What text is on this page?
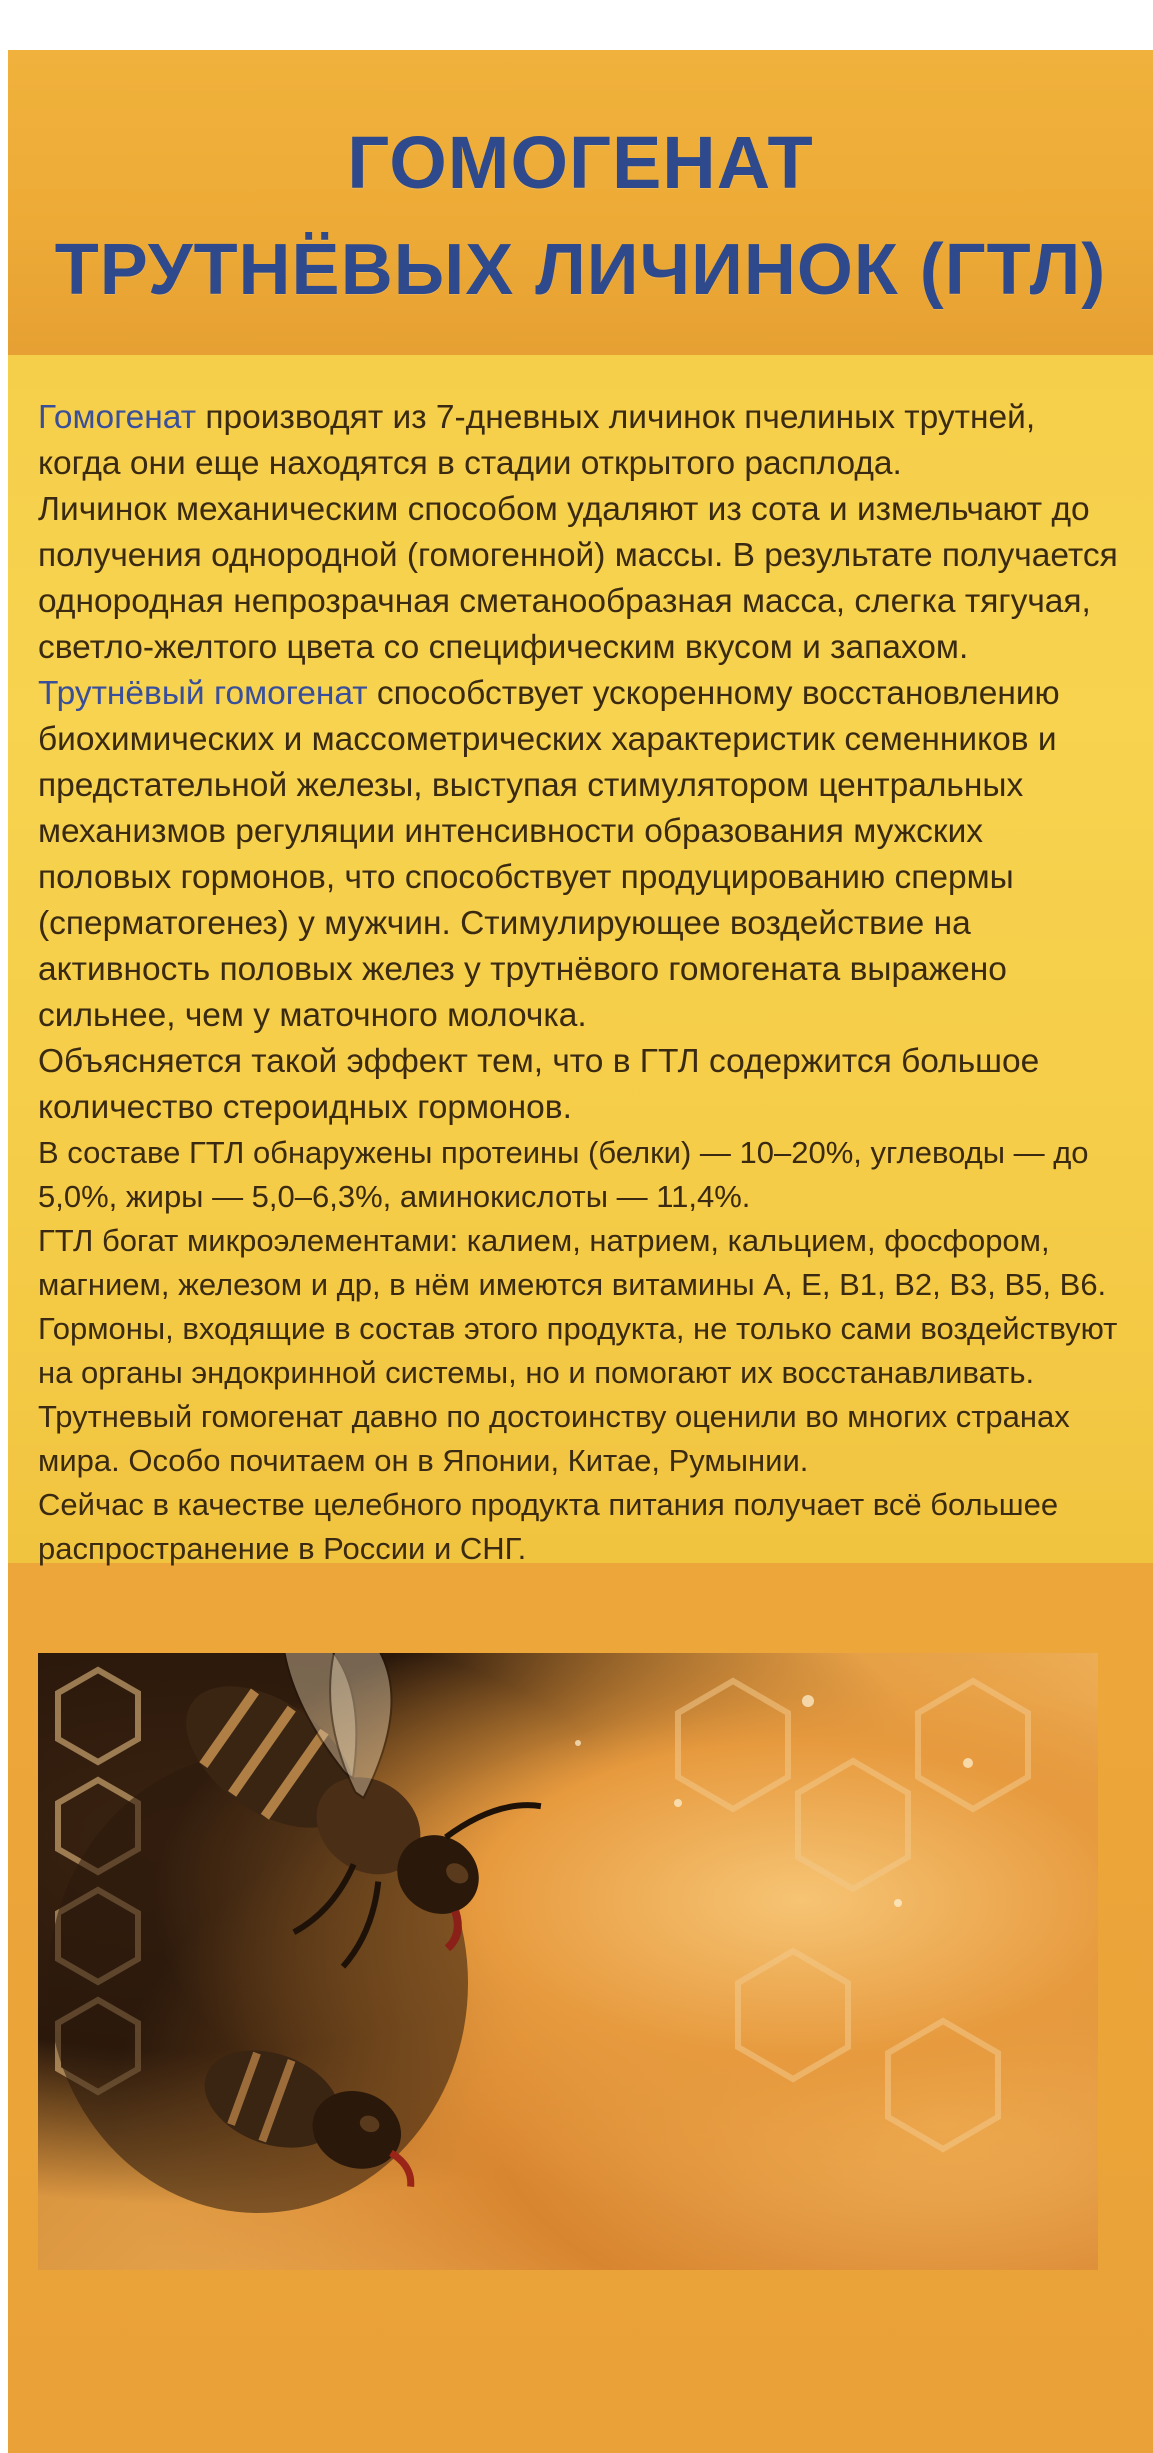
ГОМОГЕНАТ
ТРУТНЁВЫХ ЛИЧИНОК (ГТЛ)

Гомогенат производят из 7-дневных личинок пчелиных трутней, когда они еще находятся в стадии открытого расплода.

Личинок механическим способом удаляют из сота и измельчают до получения однородной (гомогенной) массы. В результате получается однородная непрозрачная сметанообразная масса, слегка тягучая, светло-желтого цвета со специфическим вкусом и запахом.

Трутнёвый гомогенат способствует ускоренному восстановлению биохимических и массометрических характеристик семенников и предстательной железы, выступая стимулятором центральных механизмов регуляции интенсивности образования мужских половых гормонов, что способствует продуцированию спермы (сперматогенез) у мужчин. Стимулирующее воздействие на активность половых желез у трутнёвого гомогената выражено сильнее, чем у маточного молочка.

Объясняется такой эффект тем, что в ГТЛ содержится большое количество стероидных гормонов.

В составе ГТЛ обнаружены протеины (белки) — 10–20%, углеводы — до 5,0%, жиры — 5,0–6,3%, аминокислоты — 11,4%.

ГТЛ богат микроэлементами: калием, натрием, кальцием, фосфором, магнием, железом и др, в нём имеются витамины А, Е, В1, В2, В3, В5, В6.

Гормоны, входящие в состав этого продукта, не только сами воздействуют на органы эндокринной системы, но и помогают их восстанавливать.

Трутневый гомогенат давно по достоинству оценили во многих странах мира. Особо почитаем он в Японии, Китае, Румынии.

Сейчас в качестве целебного продукта питания получает всё большее распространение в России и СНГ.
